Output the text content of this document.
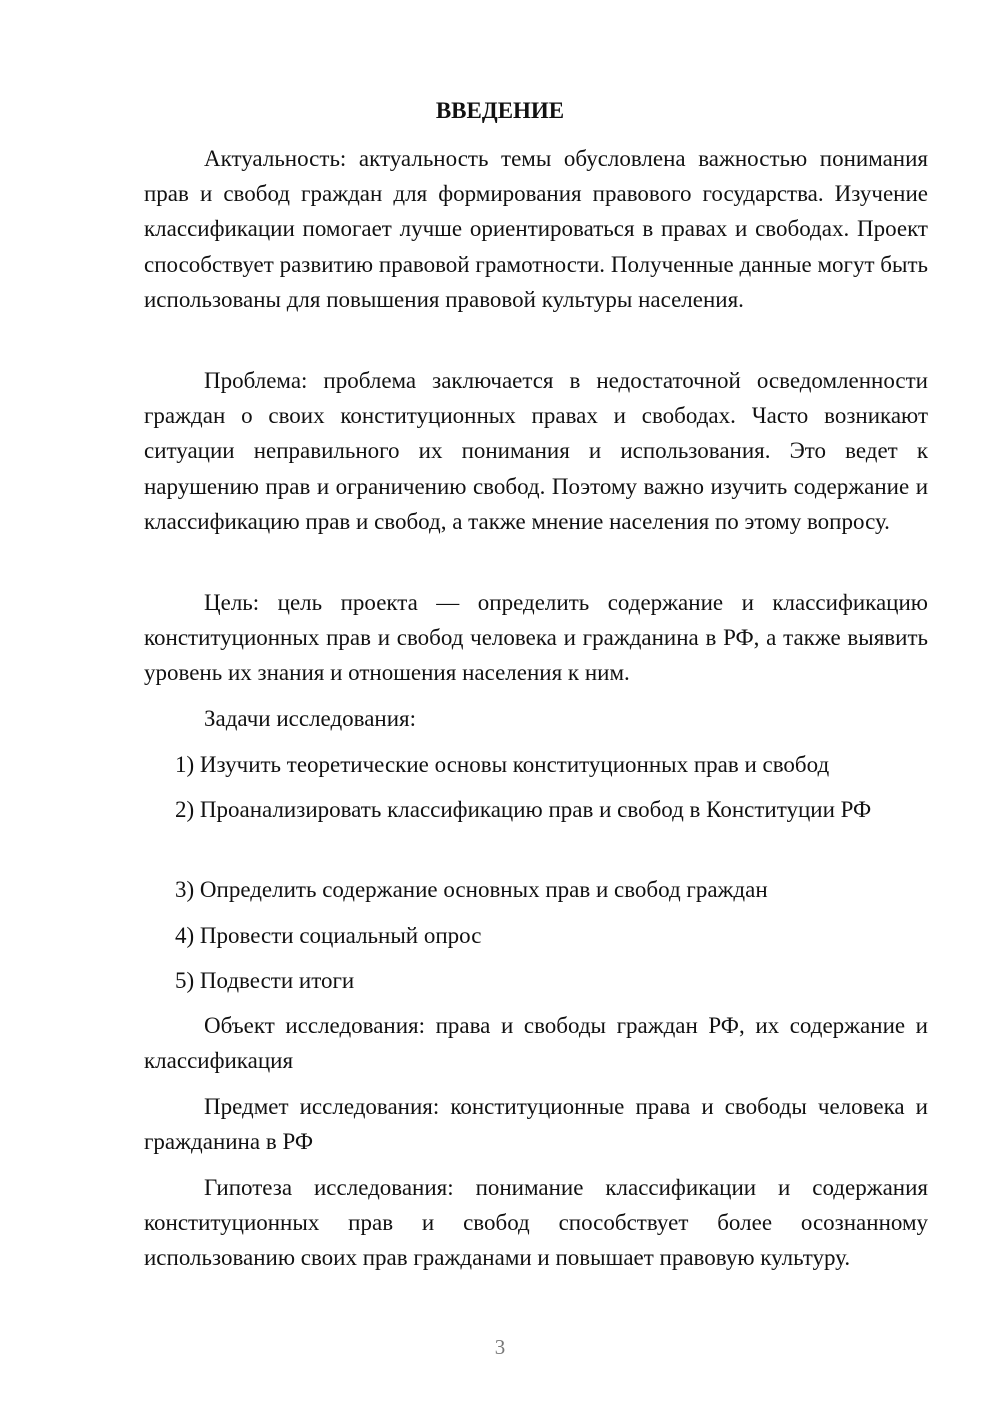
ВВЕДЕНИЕ

Актуальность: актуальность темы обусловлена важностью понимания прав и свобод граждан для формирования правового государства. Изучение классификации помогает лучше ориентироваться в правах и свободах. Проект способствует развитию правовой грамотности. Полученные данные могут быть использованы для повышения правовой культуры населения.

Проблема: проблема заключается в недостаточной осведомленности граждан о своих конституционных правах и свободах. Часто возникают ситуации неправильного их понимания и использования. Это ведет к нарушению прав и ограничению свобод. Поэтому важно изучить содержание и классификацию прав и свобод, а также мнение населения по этому вопросу.

Цель: цель проекта — определить содержание и классификацию конституционных прав и свобод человека и гражданина в РФ, а также выявить уровень их знания и отношения населения к ним.

Задачи исследования:

1) Изучить теоретические основы конституционных прав и свобод

2) Проанализировать классификацию прав и свобод в Конституции РФ

3) Определить содержание основных прав и свобод граждан

4) Провести социальный опрос

5) Подвести итоги

Объект исследования: права и свободы граждан РФ, их содержание и классификация

Предмет исследования: конституционные права и свободы человека и гражданина в РФ

Гипотеза исследования: понимание классификации и содержания конституционных прав и свобод способствует более осознанному использованию своих прав гражданами и повышает правовую культуру.

3
